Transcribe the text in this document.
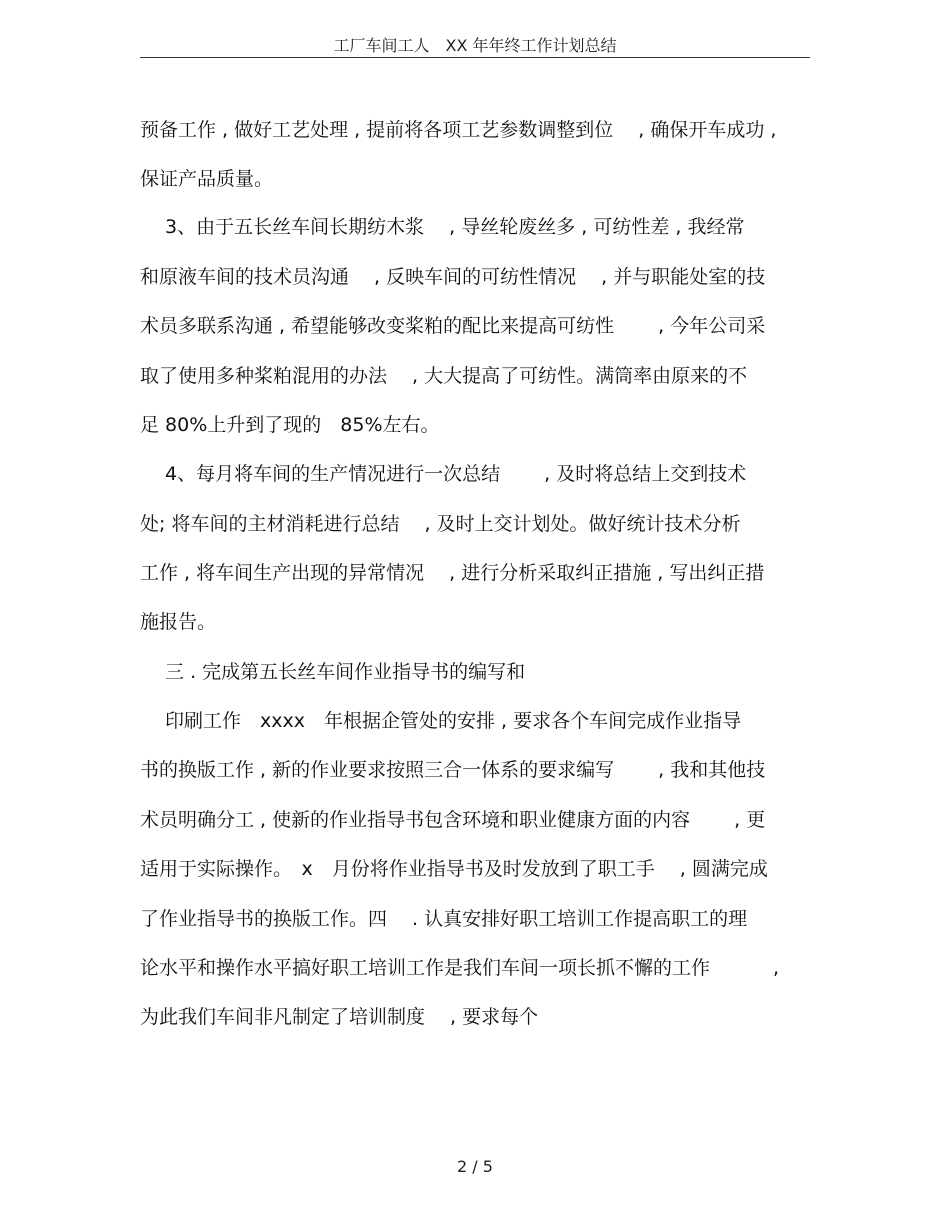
工厂车间工人　XX 年年终工作计划总结
预备工作 , 做好工艺处理 , 提前将各项工艺参数调整到位　 , 确保开车成功 ,
保证产品质量。
　 3、由于五长丝车间长期纺木浆　 , 导丝轮废丝多 , 可纺性差 , 我经常
和原液车间的技术员沟通　 , 反映车间的可纺性情况　 , 并与职能处室的技
术员多联系沟通 , 希望能够改变桨粕的配比来提高可纺性　　 , 今年公司采
取了使用多种桨粕混用的办法　 , 大大提高了可纺性。满筒率由原来的不
足 80%上升到了现的　85%左右。
　 4、每月将车间的生产情况进行一次总结　　 , 及时将总结上交到技术
处; 将车间的主材消耗进行总结　 , 及时上交计划处。做好统计技术分析
工作 , 将车间生产出现的异常情况　 , 进行分析采取纠正措施 , 写出纠正措
施报告。
　 三 . 完成第五长丝车间作业指导书的编写和
　 印刷工作　xxxx　年根据企管处的安排 , 要求各个车间完成作业指导
书的换版工作 , 新的作业要求按照三合一体系的要求编写　　 , 我和其他技
术员明确分工 , 使新的作业指导书包含环境和职业健康方面的内容　　 , 更
适用于实际操作。　x　月份将作业指导书及时发放到了职工手　 , 圆满完成
了作业指导书的换版工作。四　 . 认真安排好职工培训工作提高职工的理
论水平和操作水平搞好职工培训工作是我们车间一项长抓不懈的工作　　　 ,
为此我们车间非凡制定了培训制度　 , 要求每个
2 / 5
